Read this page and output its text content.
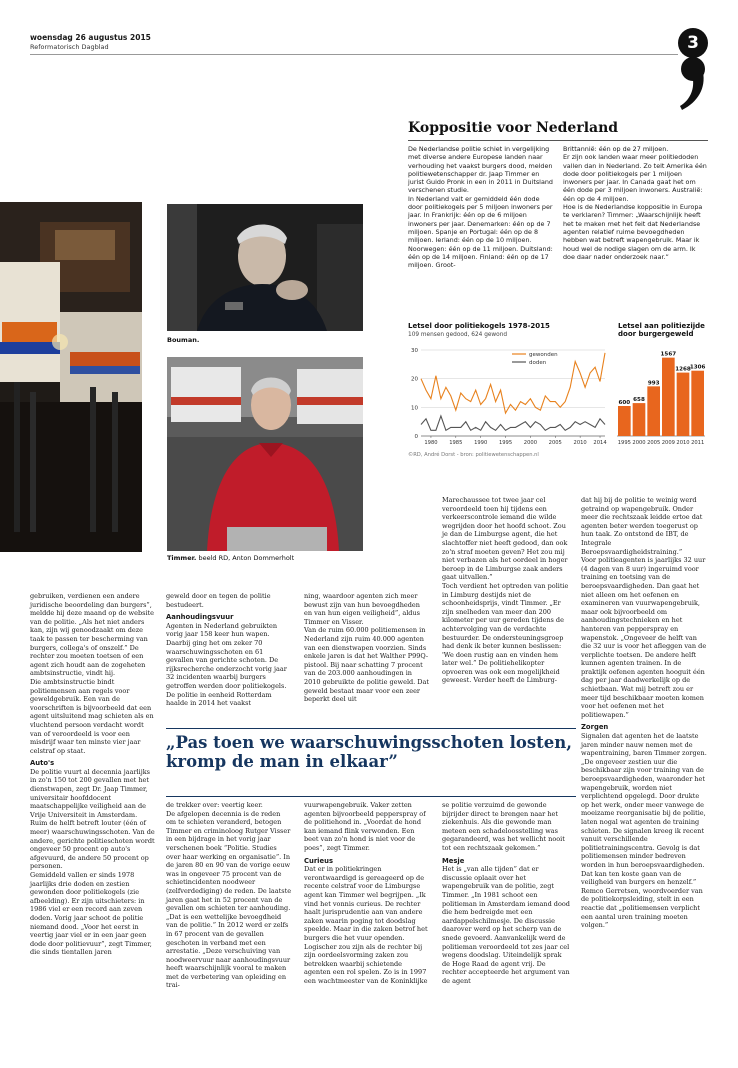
woensdag 26 augustus 2015
Reformatorisch Dagblad	3
Bouman.
Timmer. beeld RD, Anton Dommerholt
Koppositie voor Nederland

De Nederlandse politie schiet in vergelijking met diverse andere Europese landen naar verhouding het vaakst burgers dood, melden politiewetenschapper dr. Jaap Timmer en jurist Guido Pronk in een in 2011 in Duitsland verschenen studie.
In Nederland valt er gemiddeld één dode door politiekogels per 5 miljoen inwoners per jaar. In Frankrijk: één op de 6 miljoen inwoners per jaar. Denemarken: één op de 7 miljoen. Spanje en Portugal: één op de 8 miljoen. Ierland: één op de 10 miljoen. Noorwegen: één op de 11 miljoen. Duitsland: één op de 14 miljoen. Finland: één op de 17 miljoen. Groot-

Brittannië: één op de 27 miljoen.
Er zijn ook landen waar meer politiedoden vallen dan in Nederland. Zo telt Amerika één dode door politiekogels per 1 miljoen inwoners per jaar. In Canada gaat het om één dode per 3 miljoen inwoners. Australië: één op de 4 miljoen.
Hoe is de Nederlandse koppositie in Europa te verklaren? Timmer: „Waarschijnlijk heeft het te maken met het feit dat Nederlandse agenten relatief ruime bevoegdheden hebben wat betreft wapengebruik. Maar ik houd wel de nodige slagen om de arm. Ik doe daar nader onderzoek naar.”

Letsel door politiekogels 1978-2015
109 mensen gedood, 624 gewond
0
10
20
30
1980 1985 1990 1995 2000 2005 2010 2014
gewonden
doden
Letsel aan politiezijde
door burgergeweld
600
1995
658
2000
993
2005
1567
2009
1268
2010
1306
2011
©RD, André Dorst - bron: politiewetenschappen.nl

gebruiken, verdienen een andere juridische beoordeling dan burgers”, meldde hij deze maand op de website van de politie. „Als het niet anders kan, zijn wij genoodzaakt om deze taak te passen ter bescherming van burgers, collega's of onszelf.” De rechter zou moeten toetsen of een agent zich houdt aan de zogeheten ambtsinstructie, vindt hij.
Die ambtsinstructie bindt politiemensen aan regels voor geweldgebruik. Een van de voorschriften is bijvoorbeeld dat een agent uitsluitend mag schieten als en vluchtend persoon verdacht wordt van of veroordeeld is voor een misdrijf waar ten minste vier jaar celstraf op staat.

Auto's

De politie vuurt al decennia jaarlijks in zo'n 150 tot 200 gevallen met het dienstwapen, zegt Dr. Jaap Timmer, universitair hoofddocent maatschappelijke veiligheid aan de Vrije Universiteit in Amsterdam. Ruim de helft betreft louter (één of meer) waarschuwingsschoten. Van de andere, gerichte politieschoten wordt ongeveer 50 procent op auto's afgevuurd, de andere 50 procent op personen.
Gemiddeld vallen er sinds 1978 jaarlijks drie doden en zestien gewonden door politiekogels (zie afbeelding). Er zijn uitschieters: in 1986 viel er een record aan zeven doden. Vorig jaar schoot de politie niemand dood. „Voor het eerst in veertig jaar viel er in een jaar geen dode door politievuur”, zegt Timmer, die sinds tientallen jaren

geweld door en tegen de politie bestudeert.

Aanhoudingsvuur

Agenten in Nederland gebruikten vorig jaar 158 keer hun wapen. Daarbij ging het om zeker 70 waarschuwingsschoten en 61 gevallen van gerichte schoten. De rijksrecherche onderzocht vorig jaar 32 incidenten waarbij burgers getroffen werden door politiekogels. De politie in eenheid Rotterdam haalde in 2014 het vaakst

ning, waardoor agenten zich meer bewust zijn van hun bevoegdheden en van hun eigen veiligheid”, aldus Timmer en Visser.
Van de ruim 60.000 politiemensen in Nederland zijn ruim 40.000 agenten van een dienstwapen voorzien. Sinds enkele jaren is dat het Walther P99Q-pistool. Bij naar schatting 7 procent van de 203.000 aanhoudingen in 2010 gebruikte de politie geweld. Dat geweld bestaat maar voor een zeer beperkt deel uit

Marechaussee tot twee jaar cel veroordeeld toen hij tijdens een verkeerscontrole iemand die wilde wegrijden door het hoofd schoot. Zou je dan de Limburgse agent, die het slachtoffer niet heeft gedood, dan ook zo'n straf moeten geven? Het zou mij niet verbazen als het oordeel in hoger beroep in de Limburgse zaak anders gaat uitvallen.”
Toch verdient het optreden van politie in Limburg destijds niet de schoonheidsprijs, vindt Timmer. „Er zijn snelheden van meer dan 200 kilometer per uur gereden tijdens de achtervolging van de verdachte bestuurder. De ondersteuningsgroep had denk ik beter kunnen beslissen: 'We doen rustig aan en vinden hem later wel.” De politiehelikopter opvoeren was ook een mogelijkheid geweest. Verder heeft de Limburg-

dat hij bij de politie te weinig werd getraind op wapengebruik. Onder meer die rechtszaak leidde ertoe dat agenten beter werden toegerust op hun taak. Zo ontstond de IBT, de Integrale Beroepsvaardigheidstraining.”
Voor politieagenten is jaarlijks 32 uur (4 dagen van 8 uur) ingeruimd voor training en toetsing van de beroepsvaardigheden. Dan gaat het niet alleen om het oefenen en examineren van vuurwapengebruik, maar ook bijvoorbeeld om aanhoudingstechnieken en het hanteren van pepperspray en wapenstok. „Ongeveer de helft van die 32 uur is voor het afleggen van de verplichte toetsen. De andere helft kunnen agenten trainen. In de praktijk oefenen agenten hooguit één dag per jaar daadwerkelijk op de schietbaan. Wat mij betreft zou er meer tijd beschikbaar moeten komen voor het oefenen met het politiewapen.”

Zorgen

Signalen dat agenten het de laatste jaren minder nauw nemen met de wapentraining, baren Timmer zorgen. „De ongeveer zestien uur die beschikbaar zijn voor training van de beroepsvaardigheden, waaronder het wapengebruik, worden niet verplichtend opgelegd. Door drukte op het werk, onder meer vanwege de moeizame reorganisatie bij de politie, laten nogal wat agenten de training schieten. De signalen kreeg ik recent vanuit verschillende politietrainingscentra. Gevolg is dat politiemensen minder bedreven worden in hun beroepsvaardigheden. Dat kan ten koste gaan van de veiligheid van burgers en henzelf.”
Remco Gerretsen, woordvoerder van de politiekorpsleiding, stelt in een reactie dat „politiemensen verplicht een aantal uren training moeten volgen.”

„Pas toen we waarschuwingsschoten losten, kromp de man in elkaar”

de trekker over: veertig keer.
De afgelopen decennia is de reden om te schieten veranderd, betogen Timmer en criminoloog Rutger Visser in een bijdrage in het vorig jaar verschenen boek “Politie. Studies over haar werking en organisatie”. In de jaren 80 en 90 van de vorige eeuw was in ongeveer 75 procent van de schietincidenten noodweer (zelfverdediging) de reden. De laatste jaren gaat het in 52 procent van de gevallen om schieten ter aanhouding. „Dat is een wettelijke bevoegdheid van de politie.” In 2012 werd er zelfs in 67 procent van de gevallen geschoten in verband met een arrestatie. „Deze verschuiving van noodweervuur naar aanhoudingsvuur heeft waarschijnlijk vooral te maken met de verbetering van opleiding en trai-

vuurwapengebruik. Vaker zetten agenten bijvoorbeeld pepperspray of de politiehond in. „Voordat de hond kan iemand flink verwonden. Een beet van zo'n hond is niet voor de poes”, zegt Timmer.

Curieus

Dat er in politiekringen verontwaardigd is gereageerd op de recente celstraf voor de Limburgse agent kan Timmer wel begrijpen. „Ik vind het vonnis curieus. De rechter haalt jurisprudentie aan van andere zaken waarin poging tot doodslag speelde. Maar in die zaken betrof het burgers die het vuur openden. Logischer zou zijn als de rechter bij zijn oordeelsvorming zaken zou betrekken waarbij schietende agenten een rol spelen. Zo is in 1997 een wachtmeester van de Koninklijke

se politie verzuimd de gewonde bijrijder direct te brengen naar het ziekenhuis. Als die gewonde man meteen een schadeloosstelling was gegarandeerd, was het wellicht nooit tot een rechtszaak gekomen.”

Mesje

Het is „van alle tijden” dat er discussie oplaait over het wapengebruik van de politie, zegt Timmer. „In 1981 schoot een politieman in Amsterdam iemand dood die hem bedreigde met een aardappelschilmesje. De discussie daarover werd op het scherp van de snede gevoerd. Aanvankelijk werd de politieman veroordeeld tot zes jaar cel wegens doodslag. Uiteindelijk sprak de Hoge Raad de agent vrij. De rechter accepteerde het argument van de agent
